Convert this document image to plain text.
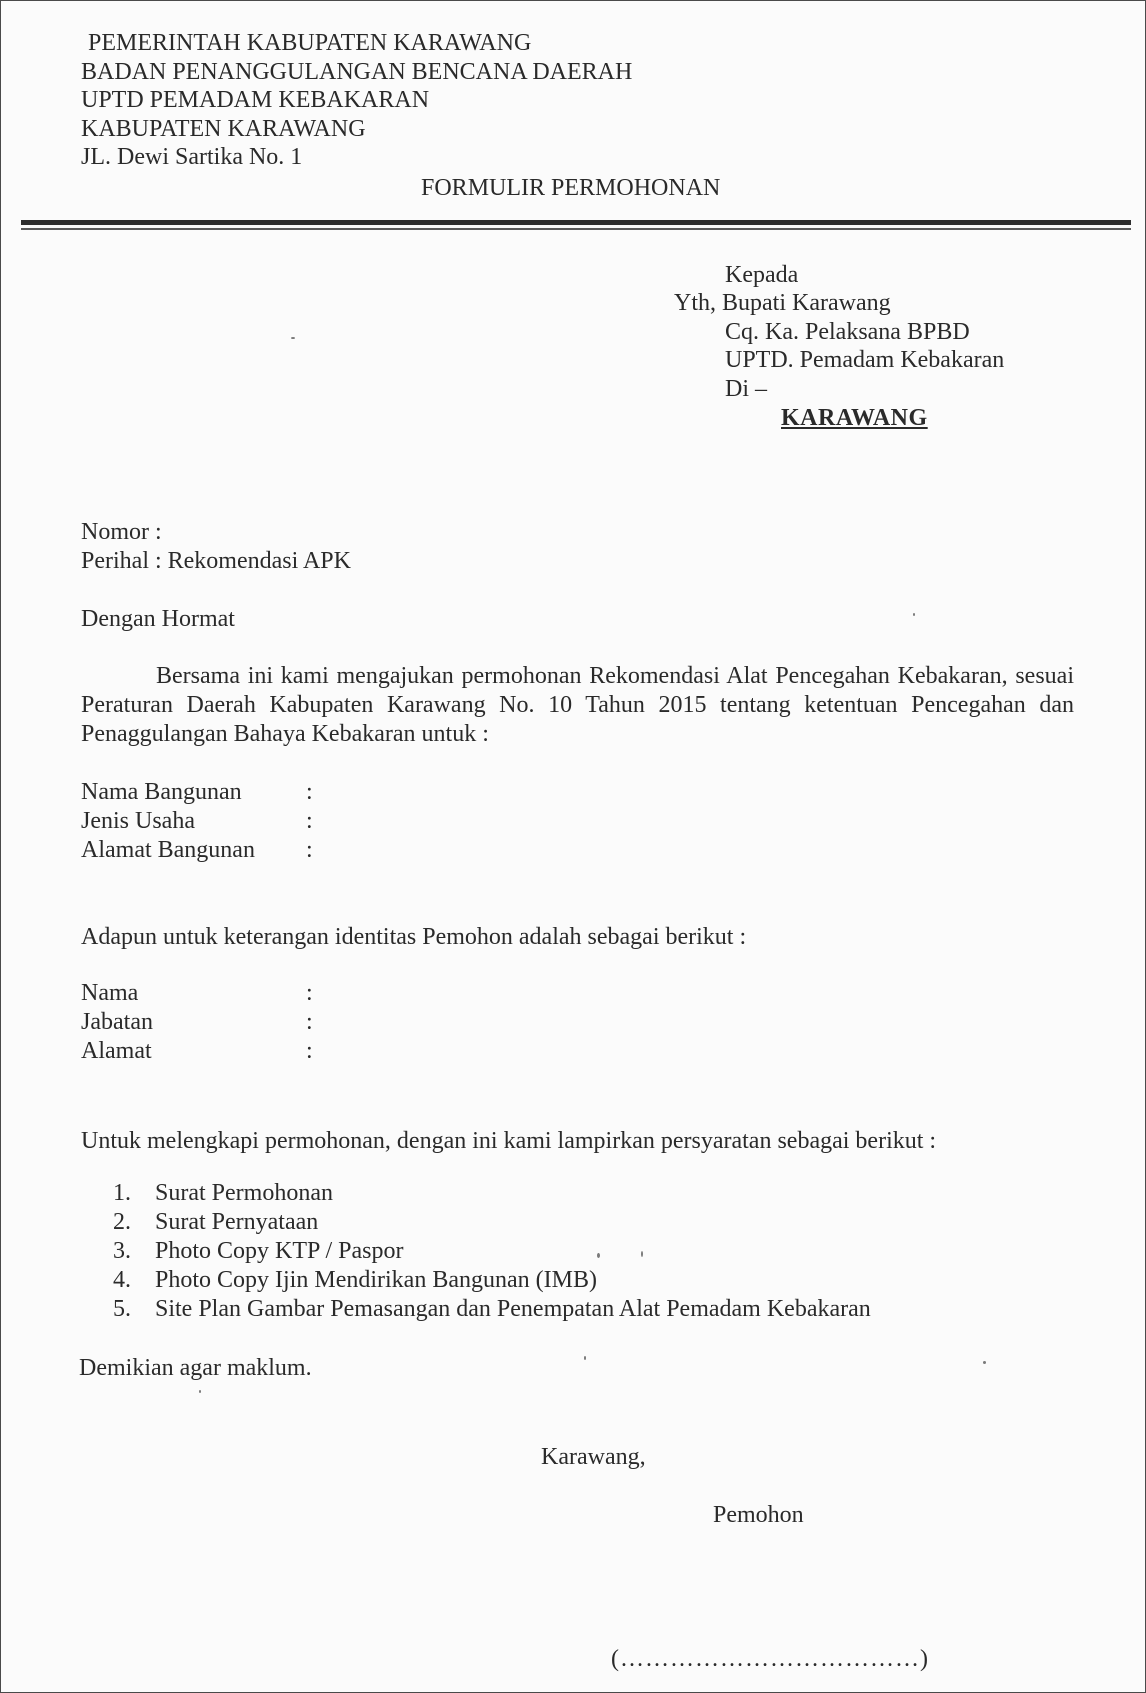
PEMERINTAH KABUPATEN KARAWANG
BADAN PENANGGULANGAN BENCANA DAERAH
UPTD PEMADAM KEBAKARAN
KABUPATEN KARAWANG
JL. Dewi Sartika No. 1
FORMULIR PERMOHONAN
Kepada
Yth, Bupati Karawang
Cq. Ka. Pelaksana BPBD
UPTD. Pemadam Kebakaran
Di –
KARAWANG
Nomor :
Perihal : Rekomendasi APK
Dengan Hormat
Bersama ini kami mengajukan permohonan Rekomendasi Alat Pencegahan Kebakaran, sesuai Peraturan Daerah Kabupaten Karawang No. 10 Tahun 2015 tentang ketentuan Pencegahan dan Penaggulangan Bahaya Kebakaran untuk :
Nama Bangunan	:
Jenis Usaha	:
Alamat Bangunan :
Adapun untuk keterangan identitas Pemohon adalah sebagai berikut :
Nama	:
Jabatan	:
Alamat	:
Untuk melengkapi permohonan, dengan ini kami lampirkan persyaratan sebagai berikut :
1. Surat Permohonan
2. Surat Pernyataan
3. Photo Copy KTP / Paspor
4. Photo Copy Ijin Mendirikan Bangunan (IMB)
5. Site Plan Gambar Pemasangan dan Penempatan Alat Pemadam Kebakaran
Demikian agar maklum.
Karawang,
Pemohon
(………………………………)
